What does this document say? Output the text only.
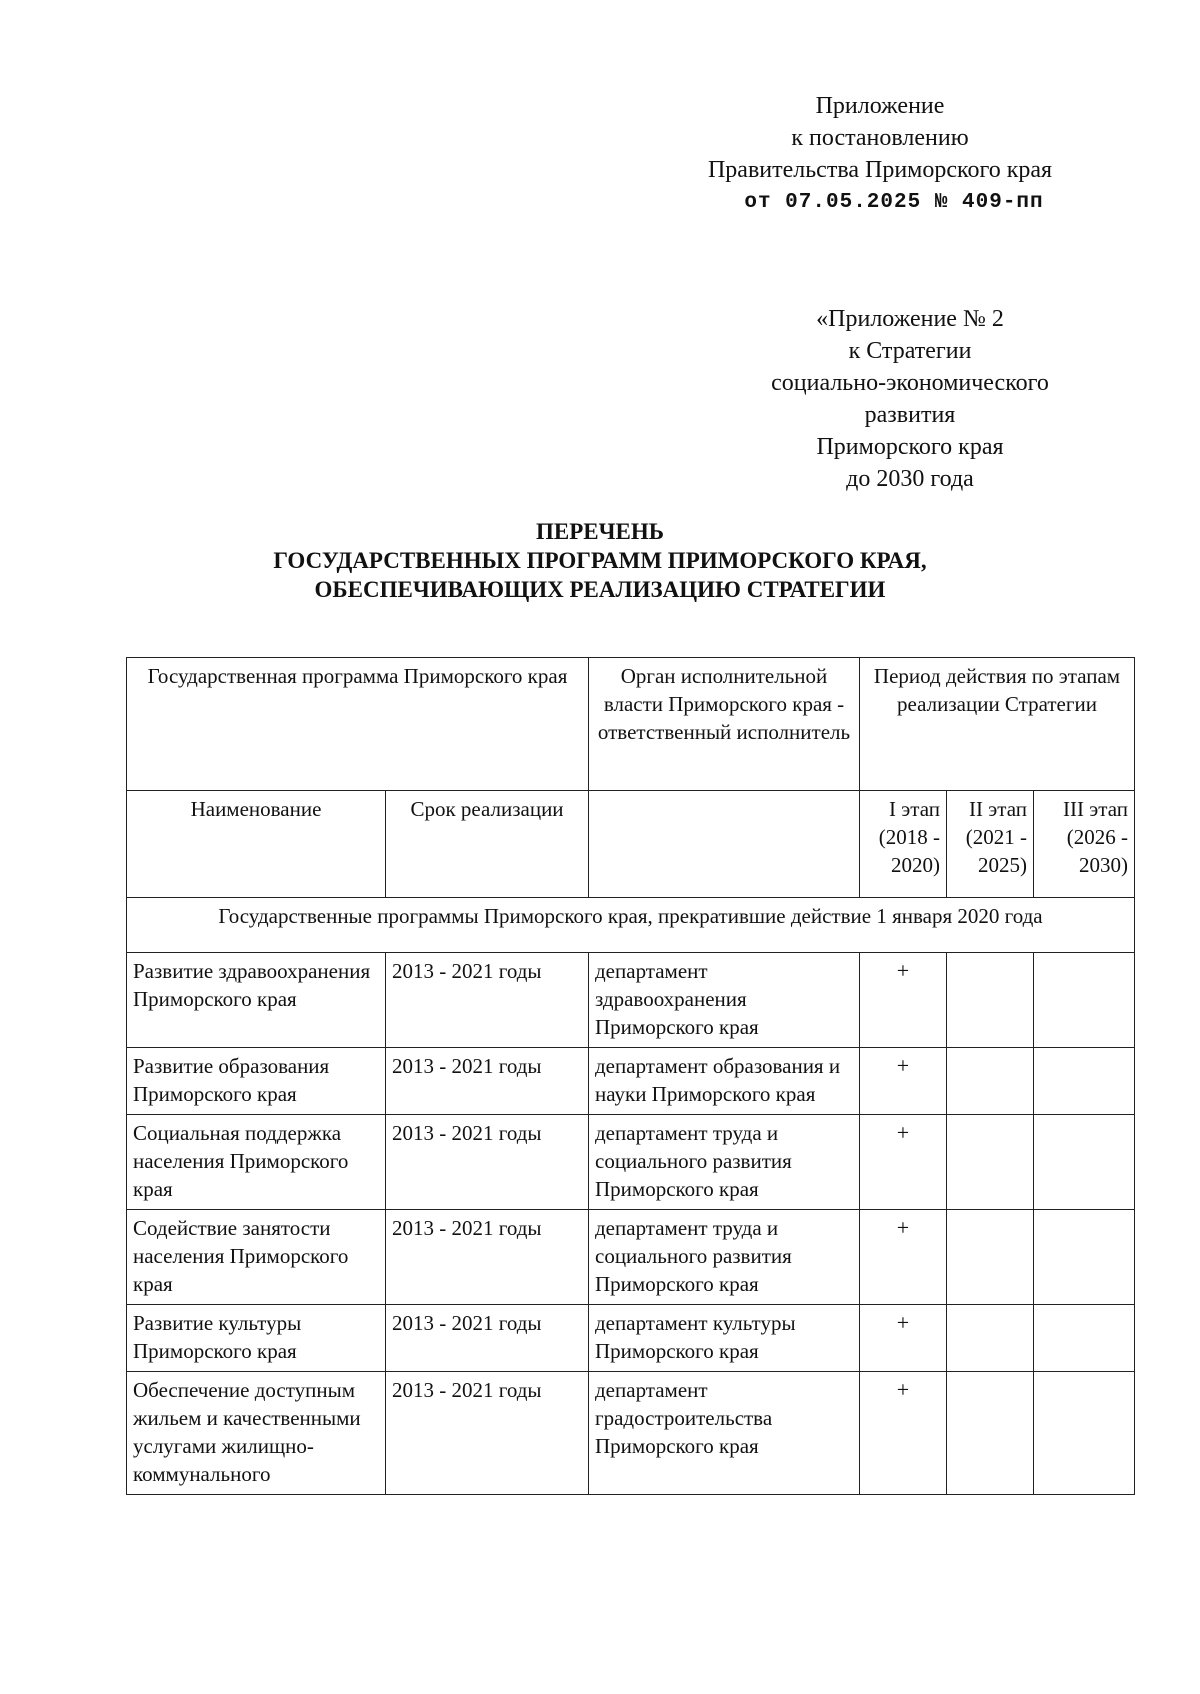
Приложение
к постановлению
Правительства Приморского края
от 07.05.2025 № 409-пп
«Приложение № 2
к Стратегии
социально-экономического
развития
Приморского края
до 2030 года
ПЕРЕЧЕНЬ
ГОСУДАРСТВЕННЫХ ПРОГРАММ ПРИМОРСКОГО КРАЯ,
ОБЕСПЕЧИВАЮЩИХ РЕАЛИЗАЦИЮ СТРАТЕГИИ
Государственная программа Приморского края		Орган исполнительной власти Приморского края - ответственный исполнитель	Период действия по этапам реализации Стратегии		
Наименование	Срок реализации		I этап (2018 - 2020)	II этап (2021 - 2025)	III этап (2026 - 2030)
Государственные программы Приморского края, прекратившие действие 1 января 2020 года					
Развитие здравоохранения Приморского края	2013 - 2021 годы	департамент здравоохранения Приморского края	+		
Развитие образования Приморского края	2013 - 2021 годы	департамент образования и науки Приморского края	+		
Социальная поддержка населения Приморского края	2013 - 2021 годы	департамент труда и социального развития Приморского края	+		
Содействие занятости населения Приморского края	2013 - 2021 годы	департамент труда и социального развития Приморского края	+		
Развитие культуры Приморского края	2013 - 2021 годы	департамент культуры Приморского края	+		
Обеспечение доступным жильем и качественными услугами жилищно-коммунального	2013 - 2021 годы	департамент градостроительства Приморского края	+		
